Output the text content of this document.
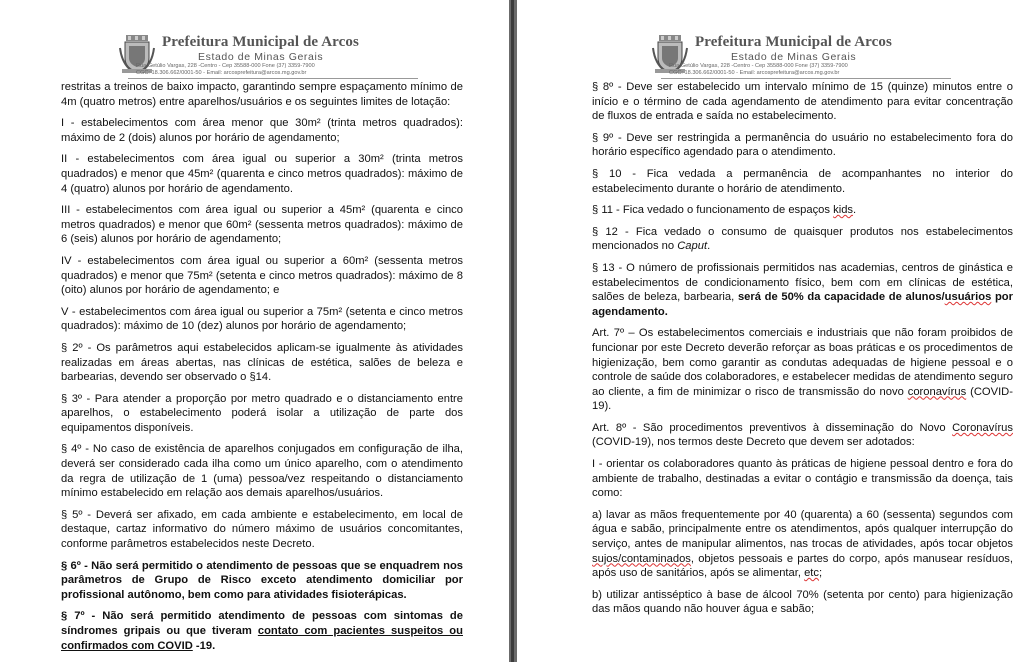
Prefeitura Municipal de Arcos
Estado de Minas Gerais
Rua Getúlio Vargas, 228 -Centro - Cep 35588-000 Fone (37) 3359-7900
CGC: 18.306.662/0001-50 - Email: arcosprefeitura@arcos.mg.gov.br

restritas a treinos de baixo impacto, garantindo sempre espaçamento mínimo de 4m (quatro metros) entre aparelhos/usuários e os seguintes limites de lotação:

I - estabelecimentos com área menor que 30m² (trinta metros quadrados): máximo de 2 (dois) alunos por horário de agendamento;

II - estabelecimentos com área igual ou superior a 30m² (trinta metros quadrados) e menor que 45m² (quarenta e cinco metros quadrados): máximo de 4 (quatro) alunos por horário de agendamento.

III - estabelecimentos com área igual ou superior a 45m² (quarenta e cinco metros quadrados) e menor que 60m² (sessenta metros quadrados): máximo de 6 (seis) alunos por horário de agendamento;

IV - estabelecimentos com área igual ou superior a 60m² (sessenta metros quadrados) e menor que 75m² (setenta e cinco metros quadrados): máximo de 8 (oito) alunos por horário de agendamento; e

V - estabelecimentos com área igual ou superior a 75m² (setenta e cinco metros quadrados): máximo de 10 (dez) alunos por horário de agendamento;

§ 2º - Os parâmetros aqui estabelecidos aplicam-se igualmente às atividades realizadas em áreas abertas, nas clínicas de estética, salões de beleza e barbearias, devendo ser observado o §14.

§ 3º - Para atender a proporção por metro quadrado e o distanciamento entre aparelhos, o estabelecimento poderá isolar a utilização de parte dos equipamentos disponíveis.

§ 4º - No caso de existência de aparelhos conjugados em configuração de ilha, deverá ser considerado cada ilha como um único aparelho, com o atendimento da regra de utilização de 1 (uma) pessoa/vez respeitando o distanciamento mínimo estabelecido em relação aos demais aparelhos/usuários.

§ 5º - Deverá ser afixado, em cada ambiente e estabelecimento, em local de destaque, cartaz informativo do número máximo de usuários concomitantes, conforme parâmetros estabelecidos neste Decreto.

§ 6º - Não será permitido o atendimento de pessoas que se enquadrem nos parâmetros de Grupo de Risco exceto atendimento domiciliar por profissional autônomo, bem como para atividades fisioterápicas.

§ 7º - Não será permitido atendimento de pessoas com sintomas de síndromes gripais ou que tiveram contato com pacientes suspeitos ou confirmados com COVID -19.

Prefeitura Municipal de Arcos
Estado de Minas Gerais
Rua Getúlio Vargas, 228 -Centro - Cep 35588-000 Fone (37) 3359-7900
CGC: 18.306.662/0001-50 - Email: arcosprefeitura@arcos.mg.gov.br

§ 8º - Deve ser estabelecido um intervalo mínimo de 15 (quinze) minutos entre o início e o término de cada agendamento de atendimento para evitar concentração de fluxos de entrada e saída no estabelecimento.

§ 9º - Deve ser restringida a permanência do usuário no estabelecimento fora do horário específico agendado para o atendimento.

§ 10 - Fica vedada a permanência de acompanhantes no interior do estabelecimento durante o horário de atendimento.

§ 11 - Fica vedado o funcionamento de espaços kids.

§ 12 - Fica vedado o consumo de quaisquer produtos nos estabelecimentos mencionados no Caput.

§ 13 - O número de profissionais permitidos nas academias, centros de ginástica e estabelecimentos de condicionamento físico, bem com em clínicas de estética, salões de beleza, barbearia, será de 50% da capacidade de alunos/usuários por agendamento.

Art. 7º – Os estabelecimentos comerciais e industriais que não foram proibidos de funcionar por este Decreto deverão reforçar as boas práticas e os procedimentos de higienização, bem como garantir as condutas adequadas de higiene pessoal e o controle de saúde dos colaboradores, e estabelecer medidas de atendimento seguro ao cliente, a fim de minimizar o risco de transmissão do novo coronavírus (COVID-19).

Art. 8º - São procedimentos preventivos à disseminação do Novo Coronavírus (COVID-19), nos termos deste Decreto que devem ser adotados:

I - orientar os colaboradores quanto às práticas de higiene pessoal dentro e fora do ambiente de trabalho, destinadas a evitar o contágio e transmissão da doença, tais como:

a) lavar as mãos frequentemente por 40 (quarenta) a 60 (sessenta) segundos com água e sabão, principalmente entre os atendimentos, após qualquer interrupção do serviço, antes de manipular alimentos, nas trocas de atividades, após tocar objetos sujos/contaminados, objetos pessoais e partes do corpo, após manusear resíduos, após uso de sanitários, após se alimentar, etc;

b) utilizar antisséptico à base de álcool 70% (setenta por cento) para higienização das mãos quando não houver água e sabão;
